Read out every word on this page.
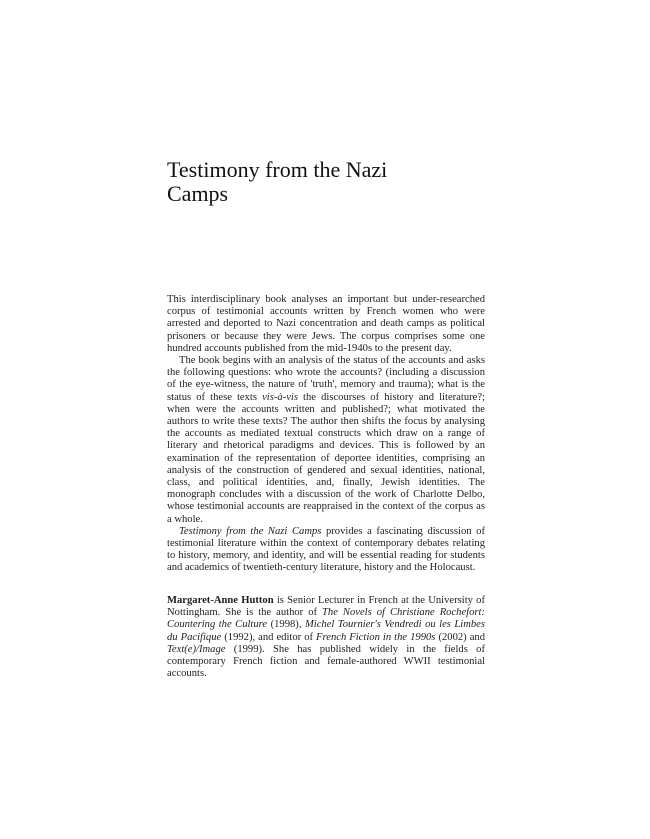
Testimony from the Nazi
Camps

This interdisciplinary book analyses an important but under-researched corpus of testimonial accounts written by French women who were arrested and deported to Nazi concentration and death camps as political prisoners or because they were Jews. The corpus comprises some one hundred accounts published from the mid-1940s to the present day.

The book begins with an analysis of the status of the accounts and asks the following questions: who wrote the accounts? (including a discussion of the eye-witness, the nature of 'truth', memory and trauma); what is the status of these texts vis-à-vis the discourses of history and literature?; when were the accounts written and published?; what motivated the authors to write these texts? The author then shifts the focus by analysing the accounts as mediated textual constructs which draw on a range of literary and rhetorical paradigms and devices. This is followed by an examination of the representation of deportee identities, comprising an analysis of the construction of gendered and sexual identities, national, class, and political identities, and, finally, Jewish identities. The monograph concludes with a discussion of the work of Charlotte Delbo, whose testimonial accounts are reappraised in the context of the corpus as a whole.

Testimony from the Nazi Camps provides a fascinating discussion of testimonial literature within the context of contemporary debates relating to history, memory, and identity, and will be essential reading for students and academics of twentieth-century literature, history and the Holocaust.

Margaret-Anne Hutton is Senior Lecturer in French at the University of Nottingham. She is the author of The Novels of Christiane Rochefort: Countering the Culture (1998), Michel Tournier's Vendredi ou les Limbes du Pacifique (1992), and editor of French Fiction in the 1990s (2002) and Text(e)/Image (1999). She has published widely in the fields of contemporary French fiction and female-authored WWII testimonial accounts.
